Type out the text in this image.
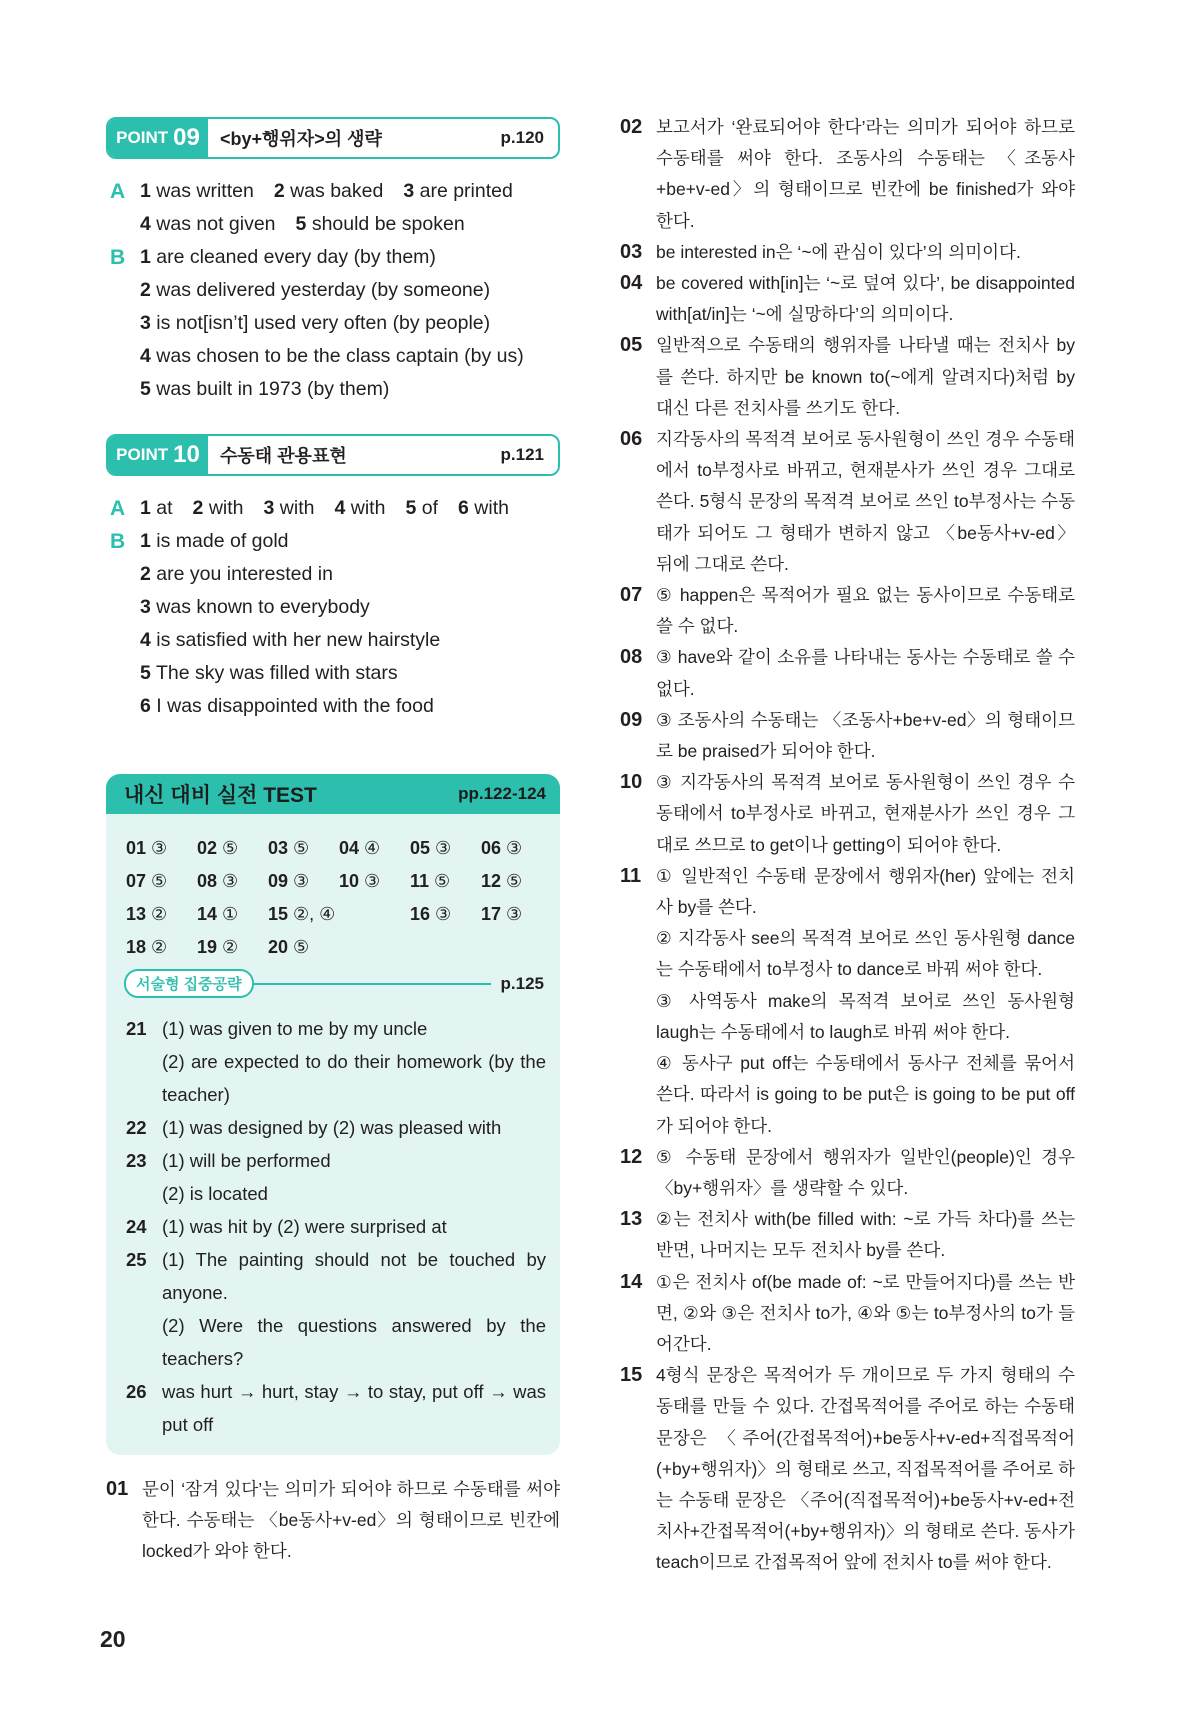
POINT 09	<by+행위자>의 생략	p.120
A 1 was written 2 was baked 3 are printed
4 was not given 5 should be spoken
B 1 are cleaned every day (by them)
2 was delivered yesterday (by someone)
3 is not[isn’t] used very often (by people)
4 was chosen to be the class captain (by us)
5 was built in 1973 (by them)
POINT 10	수동태 관용표현	p.121
A 1 at 2 with 3 with 4 with 5 of 6 with
B 1 is made of gold
2 are you interested in
3 was known to everybody
4 is satisfied with her new hairstyle
5 The sky was filled with stars
6 I was disappointed with the food
내신 대비 실전 TEST	pp.122-124
01 ③	02 ⑤	03 ⑤	04 ④	05 ③	06 ③
07 ⑤	08 ③	09 ③	10 ③	11 ⑤	12 ⑤
13 ②	14 ①	15 ②, ④	16 ③	17 ③
18 ②	19 ②	20 ⑤
서술형 집중공략	p.125
21 (1) was given to me by my uncle
(2) are expected to do their homework (by the teacher)
22 (1) was designed by (2) was pleased with
23 (1) will be performed
(2) is located
24 (1) was hit by (2) were surprised at
25 (1) The painting should not be touched by anyone.
(2) Were the questions answered by the teachers?
26 was hurt → hurt, stay → to stay, put off → was put off
01 문이 ‘잠겨 있다’는 의미가 되어야 하므로 수동태를 써야 한다. 수동태는 〈be동사+v-ed〉의 형태이므로 빈칸에 locked가 와야 한다.
02 보고서가 ‘완료되어야 한다’라는 의미가 되어야 하므로 수동태를 써야 한다. 조동사의 수동태는 〈조동사+be+v-ed〉의 형태이므로 빈칸에 be finished가 와야 한다.
03 be interested in은 ‘~에 관심이 있다’의 의미이다.
04 be covered with[in]는 ‘~로 덮여 있다’, be disappointed with[at/in]는 ‘~에 실망하다’의 의미이다.
05 일반적으로 수동태의 행위자를 나타낼 때는 전치사 by를 쓴다. 하지만 be known to(~에게 알려지다)처럼 by 대신 다른 전치사를 쓰기도 한다.
06 지각동사의 목적격 보어로 동사원형이 쓰인 경우 수동태에서 to부정사로 바뀌고, 현재분사가 쓰인 경우 그대로 쓴다. 5형식 문장의 목적격 보어로 쓰인 to부정사는 수동태가 되어도 그 형태가 변하지 않고 〈be동사+v-ed〉 뒤에 그대로 쓴다.
07 ⑤ happen은 목적어가 필요 없는 동사이므로 수동태로 쓸 수 없다.
08 ③ have와 같이 소유를 나타내는 동사는 수동태로 쓸 수 없다.
09 ③ 조동사의 수동태는 〈조동사+be+v-ed〉의 형태이므로 be praised가 되어야 한다.
10 ③ 지각동사의 목적격 보어로 동사원형이 쓰인 경우 수동태에서 to부정사로 바뀌고, 현재분사가 쓰인 경우 그대로 쓰므로 to get이나 getting이 되어야 한다.
11 ① 일반적인 수동태 문장에서 행위자(her) 앞에는 전치사 by를 쓴다.
② 지각동사 see의 목적격 보어로 쓰인 동사원형 dance는 수동태에서 to부정사 to dance로 바꿔 써야 한다.
③ 사역동사 make의 목적격 보어로 쓰인 동사원형 laugh는 수동태에서 to laugh로 바꿔 써야 한다.
④ 동사구 put off는 수동태에서 동사구 전체를 묶어서 쓴다. 따라서 is going to be put은 is going to be put off가 되어야 한다.
12 ⑤ 수동태 문장에서 행위자가 일반인(people)인 경우 〈by+행위자〉를 생략할 수 있다.
13 ②는 전치사 with(be filled with: ~로 가득 차다)를 쓰는 반면, 나머지는 모두 전치사 by를 쓴다.
14 ①은 전치사 of(be made of: ~로 만들어지다)를 쓰는 반면, ②와 ③은 전치사 to가, ④와 ⑤는 to부정사의 to가 들어간다.
15 4형식 문장은 목적어가 두 개이므로 두 가지 형태의 수동태를 만들 수 있다. 간접목적어를 주어로 하는 수동태 문장은 〈주어(간접목적어)+be동사+v-ed+직접목적어(+by+행위자)〉의 형태로 쓰고, 직접목적어를 주어로 하는 수동태 문장은 〈주어(직접목적어)+be동사+v-ed+전치사+간접목적어(+by+행위자)〉의 형태로 쓴다. 동사가 teach이므로 간접목적어 앞에 전치사 to를 써야 한다.
20
